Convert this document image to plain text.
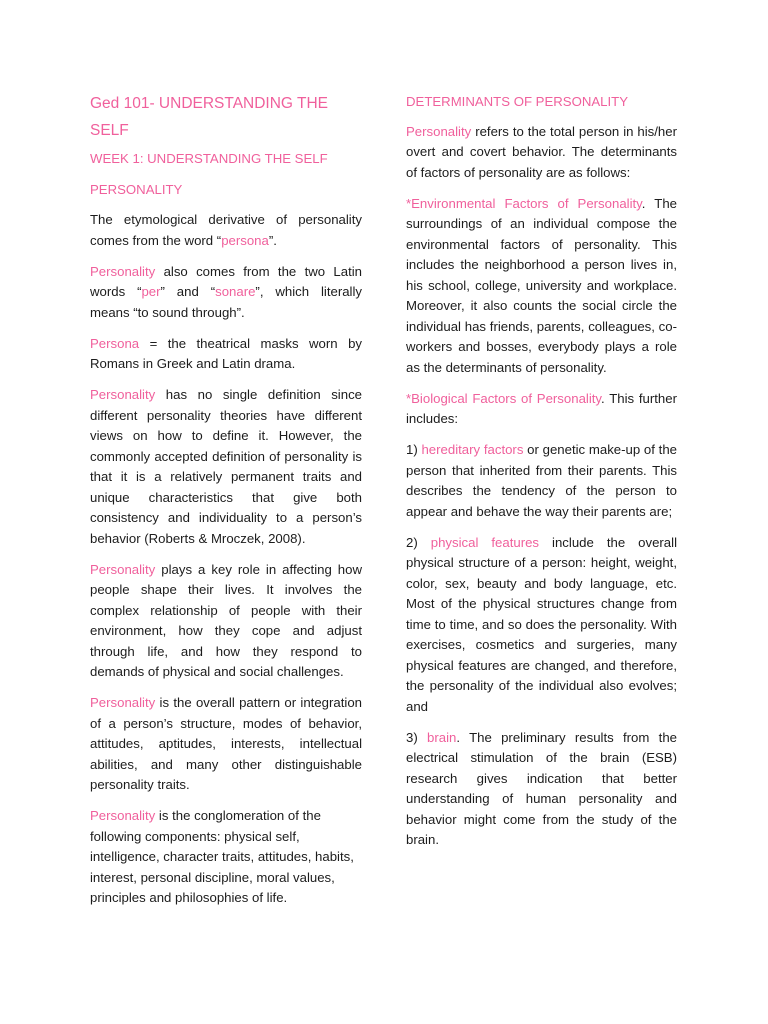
Ged 101- UNDERSTANDING THE SELF
WEEK 1: UNDERSTANDING THE SELF
PERSONALITY

The etymological derivative of personality comes from the word “persona”.

Personality also comes from the two Latin words “per” and “sonare”, which literally means “to sound through”.

Persona = the theatrical masks worn by Romans in Greek and Latin drama.

Personality has no single definition since different personality theories have different views on how to define it. However, the commonly accepted definition of personality is that it is a relatively permanent traits and unique characteristics that give both consistency and individuality to a person’s behavior (Roberts & Mroczek, 2008).

Personality plays a key role in affecting how people shape their lives. It involves the complex relationship of people with their environment, how they cope and adjust through life, and how they respond to demands of physical and social challenges.

Personality is the overall pattern or integration of a person’s structure, modes of behavior, attitudes, aptitudes, interests, intellectual abilities, and many other distinguishable personality traits.

Personality is the conglomeration of the following components: physical self, intelligence, character traits, attitudes, habits, interest, personal discipline, moral values, principles and philosophies of life.

DETERMINANTS OF PERSONALITY

Personality refers to the total person in his/her overt and covert behavior. The determinants of factors of personality are as follows:

*Environmental Factors of Personality. The surroundings of an individual compose the environmental factors of personality. This includes the neighborhood a person lives in, his school, college, university and workplace. Moreover, it also counts the social circle the individual has friends, parents, colleagues, co-workers and bosses, everybody plays a role as the determinants of personality.

*Biological Factors of Personality. This further includes:

1) hereditary factors or genetic make-up of the person that inherited from their parents. This describes the tendency of the person to appear and behave the way their parents are;

2) physical features include the overall physical structure of a person: height, weight, color, sex, beauty and body language, etc. Most of the physical structures change from time to time, and so does the personality. With exercises, cosmetics and surgeries, many physical features are changed, and therefore, the personality of the individual also evolves; and

3) brain. The preliminary results from the electrical stimulation of the brain (ESB) research gives indication that better understanding of human personality and behavior might come from the study of the brain.
